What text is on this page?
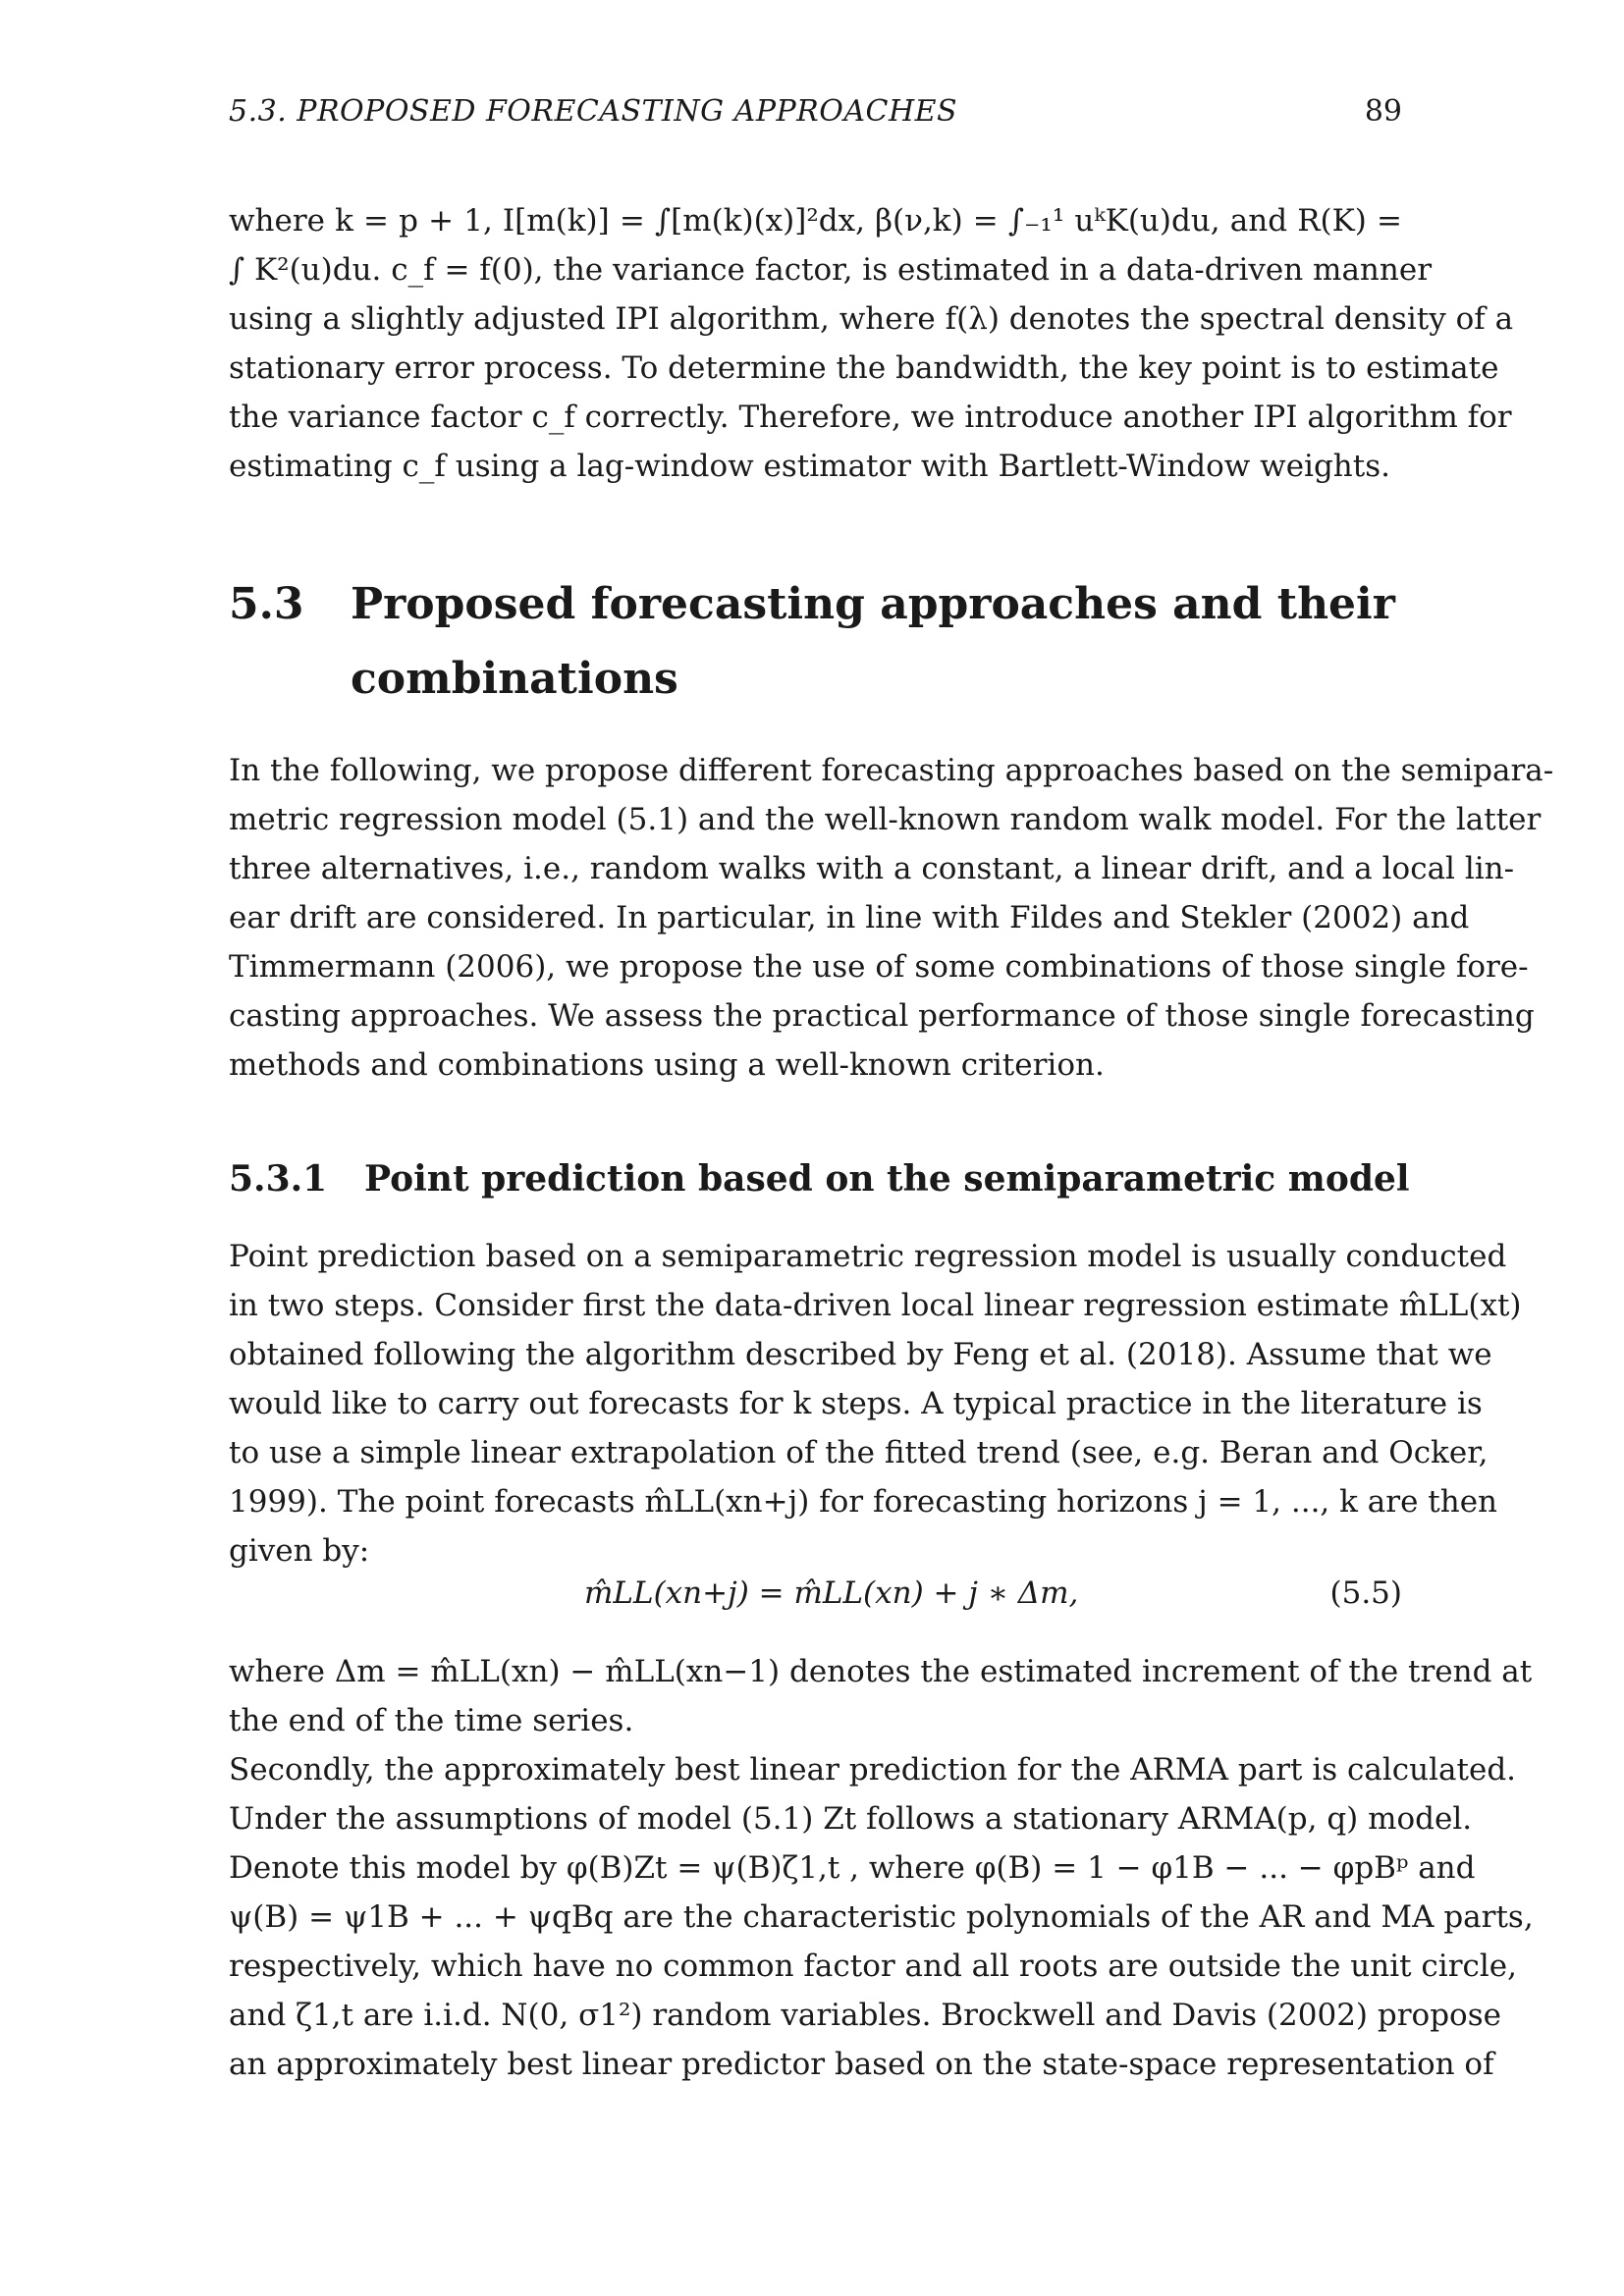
5.3. PROPOSED FORECASTING APPROACHES	89

where k = p + 1, I[m(k)] = ∫[m(k)(x)]²dx, β(ν,k) = ∫₋₁¹ uᵏK(u)du, and R(K) =
∫ K²(u)du. c_f = f(0), the variance factor, is estimated in a data-driven manner
using a slightly adjusted IPI algorithm, where f(λ) denotes the spectral density of a
stationary error process. To determine the bandwidth, the key point is to estimate
the variance factor c_f correctly. Therefore, we introduce another IPI algorithm for
estimating c_f using a lag-window estimator with Bartlett-Window weights.

5.3 Proposed forecasting approaches and their combinations

In the following, we propose different forecasting approaches based on the semipara-
metric regression model (5.1) and the well-known random walk model. For the latter
three alternatives, i.e., random walks with a constant, a linear drift, and a local lin-
ear drift are considered. In particular, in line with Fildes and Stekler (2002) and
Timmermann (2006), we propose the use of some combinations of those single fore-
casting approaches. We assess the practical performance of those single forecasting
methods and combinations using a well-known criterion.

5.3.1 Point prediction based on the semiparametric model

Point prediction based on a semiparametric regression model is usually conducted
in two steps. Consider first the data-driven local linear regression estimate m̂LL(xt)
obtained following the algorithm described by Feng et al. (2018). Assume that we
would like to carry out forecasts for k steps. A typical practice in the literature is
to use a simple linear extrapolation of the fitted trend (see, e.g. Beran and Ocker,
1999). The point forecasts m̂LL(xn+j) for forecasting horizons j = 1, ..., k are then
given by:

m̂LL(xn+j) = m̂LL(xn) + j ∗ Δm,	(5.5)

where Δm = m̂LL(xn) − m̂LL(xn−1) denotes the estimated increment of the trend at
the end of the time series.

Secondly, the approximately best linear prediction for the ARMA part is calculated.
Under the assumptions of model (5.1) Zt follows a stationary ARMA(p, q) model.
Denote this model by φ(B)Zt = ψ(B)ζ1,t , where φ(B) = 1 − φ1B − ... − φpBᵖ and
ψ(B) = ψ1B + ... + ψqBq are the characteristic polynomials of the AR and MA parts,
respectively, which have no common factor and all roots are outside the unit circle,
and ζ1,t are i.i.d. N(0, σ1²) random variables. Brockwell and Davis (2002) propose
an approximately best linear predictor based on the state-space representation of
